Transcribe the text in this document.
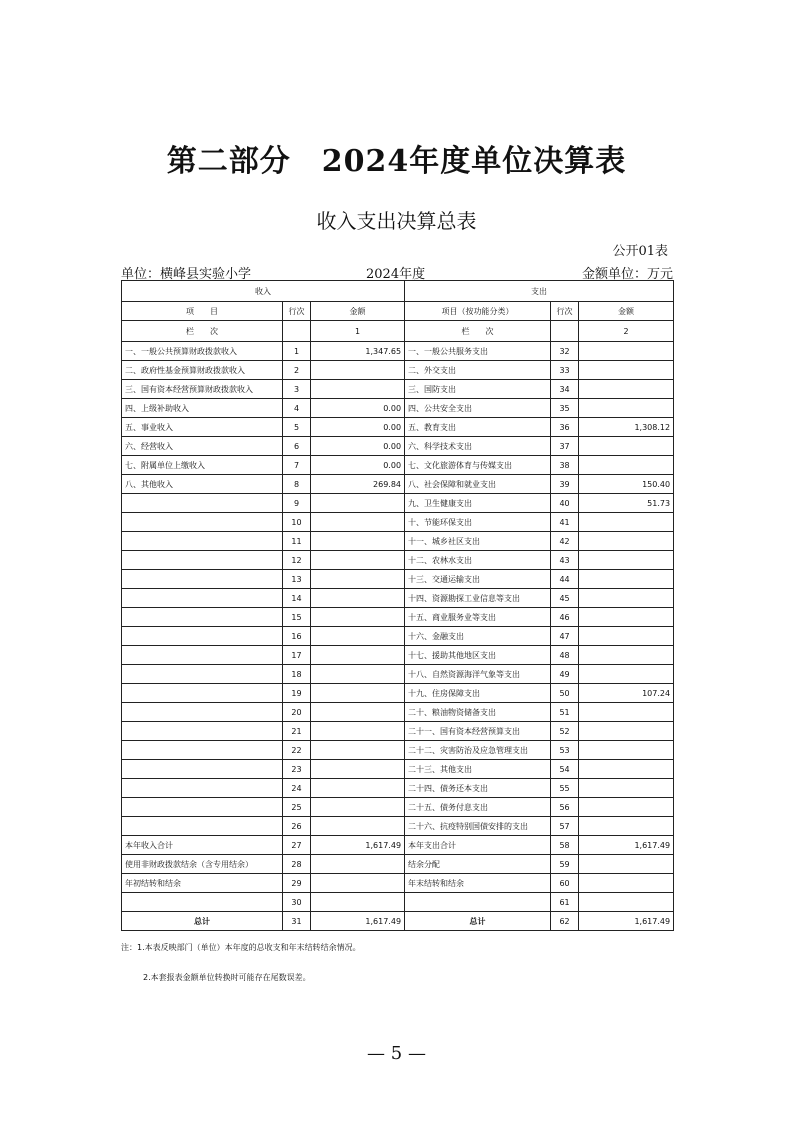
第二部分　2024年度单位决算表
收入支出决算总表
公开01表
单位：横峰县实验小学	2024年度	金额单位：万元
收入			支出		
项　　目	行次	金额	项目（按功能分类）	行次	金额
栏　　次		1	栏　　次		2
一、一般公共预算财政拨款收入	1	1,347.65	一、一般公共服务支出	32	
二、政府性基金预算财政拨款收入	2		二、外交支出	33	
三、国有资本经营预算财政拨款收入	3		三、国防支出	34	
四、上级补助收入	4	0.00	四、公共安全支出	35	
五、事业收入	5	0.00	五、教育支出	36	1,308.12
六、经营收入	6	0.00	六、科学技术支出	37	
七、附属单位上缴收入	7	0.00	七、文化旅游体育与传媒支出	38	
八、其他收入	8	269.84	八、社会保障和就业支出	39	150.40
	9		九、卫生健康支出	40	51.73
	10		十、节能环保支出	41	
	11		十一、城乡社区支出	42	
	12		十二、农林水支出	43	
	13		十三、交通运输支出	44	
	14		十四、资源勘探工业信息等支出	45	
	15		十五、商业服务业等支出	46	
	16		十六、金融支出	47	
	17		十七、援助其他地区支出	48	
	18		十八、自然资源海洋气象等支出	49	
	19		十九、住房保障支出	50	107.24
	20		二十、粮油物资储备支出	51	
	21		二十一、国有资本经营预算支出	52	
	22		二十二、灾害防治及应急管理支出	53	
	23		二十三、其他支出	54	
	24		二十四、债务还本支出	55	
	25		二十五、债务付息支出	56	
	26		二十六、抗疫特别国债安排的支出	57	
本年收入合计	27	1,617.49	本年支出合计	58	1,617.49
使用非财政拨款结余（含专用结余）	28		结余分配	59	
年初结转和结余	29		年末结转和结余	60	
	30			61	
总计	31	1,617.49	总计	62	1,617.49
注：1.本表反映部门（单位）本年度的总收支和年末结转结余情况。
2.本套报表金额单位转换时可能存在尾数误差。
— 5 —
